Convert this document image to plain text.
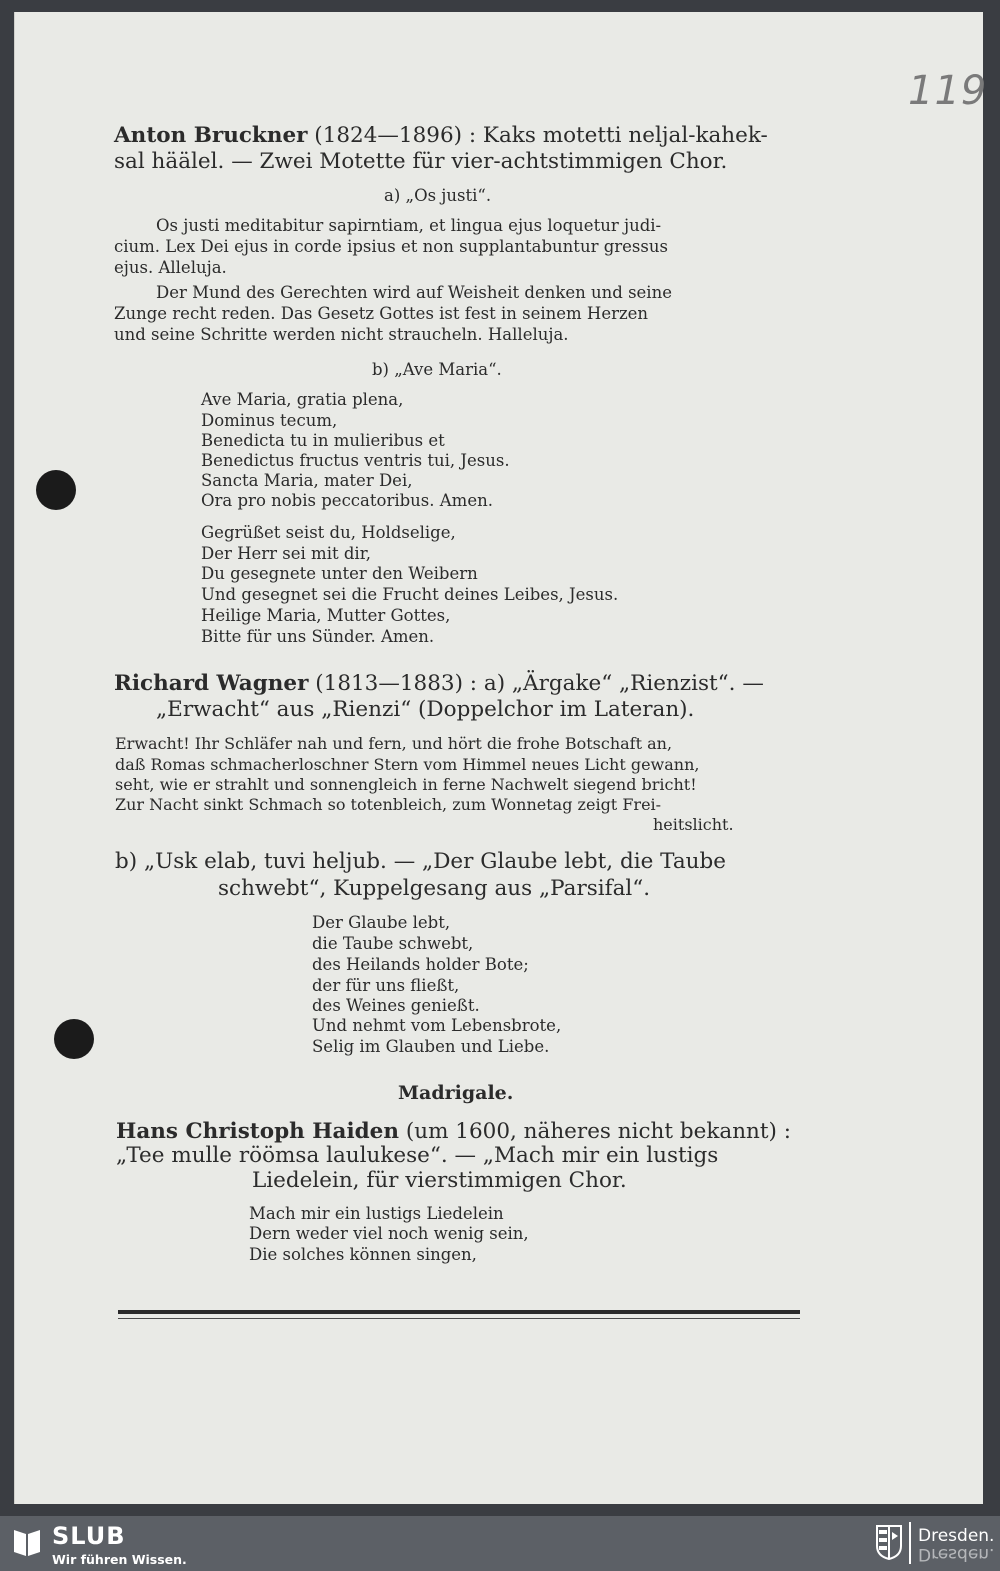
119
Anton Bruckner (1824—1896) : Kaks motetti neljal-kahek-
sal häälel. — Zwei Motette für vier-achtstimmigen Chor.
a) „Os justi“.
Os justi meditabitur sapirntiam, et lingua ejus loquetur judi-
cium. Lex Dei ejus in corde ipsius et non supplantabuntur gressus
ejus. Alleluja.
Der Mund des Gerechten wird auf Weisheit denken und seine
Zunge recht reden. Das Gesetz Gottes ist fest in seinem Herzen
und seine Schritte werden nicht straucheln. Halleluja.
b) „Ave Maria“.
Ave Maria, gratia plena,
Dominus tecum,
Benedicta tu in mulieribus et
Benedictus fructus ventris tui, Jesus.
Sancta Maria, mater Dei,
Ora pro nobis peccatoribus. Amen.
Gegrüßet seist du, Holdselige,
Der Herr sei mit dir,
Du gesegnete unter den Weibern
Und gesegnet sei die Frucht deines Leibes, Jesus.
Heilige Maria, Mutter Gottes,
Bitte für uns Sünder. Amen.
Richard Wagner (1813—1883) : a) „Ärgake“ „Rienzist“. —
„Erwacht“ aus „Rienzi“ (Doppelchor im Lateran).
Erwacht! Ihr Schläfer nah und fern, und hört die frohe Botschaft an,
daß Romas schmacherloschner Stern vom Himmel neues Licht gewann,
seht, wie er strahlt und sonnengleich in ferne Nachwelt siegend bricht!
Zur Nacht sinkt Schmach so totenbleich, zum Wonnetag zeigt Frei-
heitslicht.
b) „Usk elab, tuvi heljub. — „Der Glaube lebt, die Taube
schwebt“, Kuppelgesang aus „Parsifal“.
Der Glaube lebt,
die Taube schwebt,
des Heilands holder Bote;
der für uns fließt,
des Weines genießt.
Und nehmt vom Lebensbrote,
Selig im Glauben und Liebe.
Madrigale.
Hans Christoph Haiden (um 1600, näheres nicht bekannt) :
„Tee mulle röömsa laulukese“. — „Mach mir ein lustigs
Liedelein, für vierstimmigen Chor.
Mach mir ein lustigs Liedelein
Dern weder viel noch wenig sein,
Die solches können singen,
SLUB
Wir führen Wissen.
Dresden.
Dresden.
